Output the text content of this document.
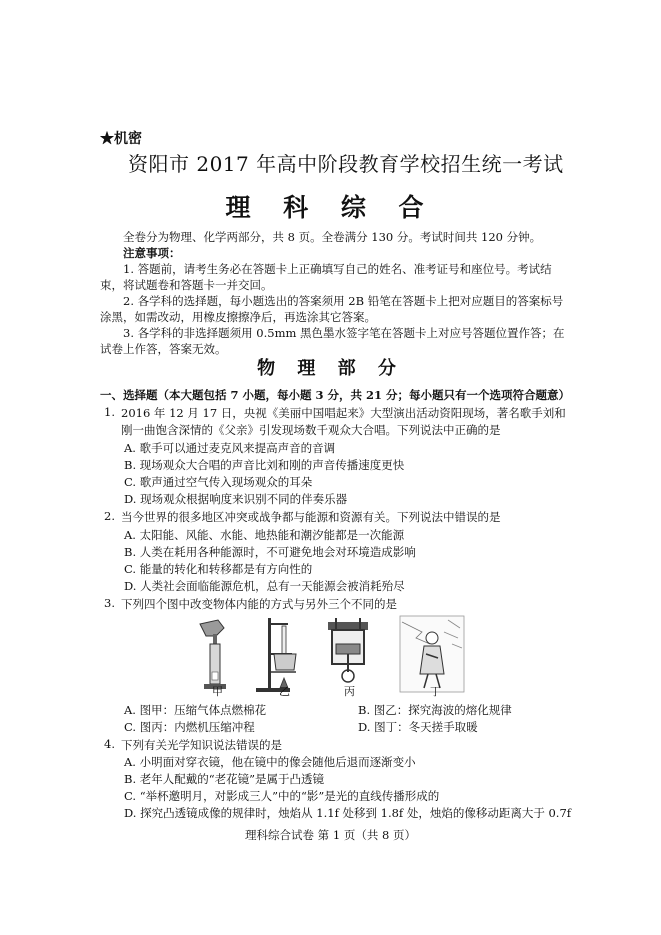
★机密
资阳市 2017 年高中阶段教育学校招生统一考试
理 科 综 合
全卷分为物理、化学两部分，共 8 页。全卷满分 130 分。考试时间共 120 分钟。
注意事项：
1. 答题前，请考生务必在答题卡上正确填写自己的姓名、准考证号和座位号。考试结束，将试题卷和答题卡一并交回。
2. 各学科的选择题，每小题选出的答案须用 2B 铅笔在答题卡上把对应题目的答案标号涂黑，如需改动，用橡皮擦擦净后，再选涂其它答案。
3. 各学科的非选择题须用 0.5mm 黑色墨水签字笔在答题卡上对应号答题位置作答；在试卷上作答，答案无效。
物 理 部 分
一、选择题（本大题包括 7 小题，每小题 3 分，共 21 分；每小题只有一个选项符合题意）
1. 2016 年 12 月 17 日，央视《美丽中国唱起来》大型演出活动资阳现场，著名歌手刘和
刚一曲饱含深情的《父亲》引发现场数千观众大合唱。下列说法中正确的是
A. 歌手可以通过麦克风来提高声音的音调
B. 现场观众大合唱的声音比刘和刚的声音传播速度更快
C. 歌声通过空气传入现场观众的耳朵
D. 现场观众根据响度来识别不同的伴奏乐器
2. 当今世界的很多地区冲突或战争都与能源和资源有关。下列说法中错误的是
A. 太阳能、风能、水能、地热能和潮汐能都是一次能源
B. 人类在耗用各种能源时，不可避免地会对环境造成影响
C. 能量的转化和转移都是有方向性的
D. 人类社会面临能源危机，总有一天能源会被消耗殆尽
3. 下列四个图中改变物体内能的方式与另外三个不同的是
甲	乙	丙	丁
A. 图甲：压缩气体点燃棉花	B. 图乙：探究海波的熔化规律
C. 图丙：内燃机压缩冲程	D. 图丁：冬天搓手取暖
4. 下列有关光学知识说法错误的是
A. 小明面对穿衣镜，他在镜中的像会随他后退而逐渐变小
B. 老年人配戴的“老花镜”是属于凸透镜
C. “举杯邀明月，对影成三人”中的“影”是光的直线传播形成的
D. 探究凸透镜成像的规律时，烛焰从 1.1f 处移到 1.8f 处，烛焰的像移动距离大于 0.7f
理科综合试卷 第 1 页（共 8 页）
